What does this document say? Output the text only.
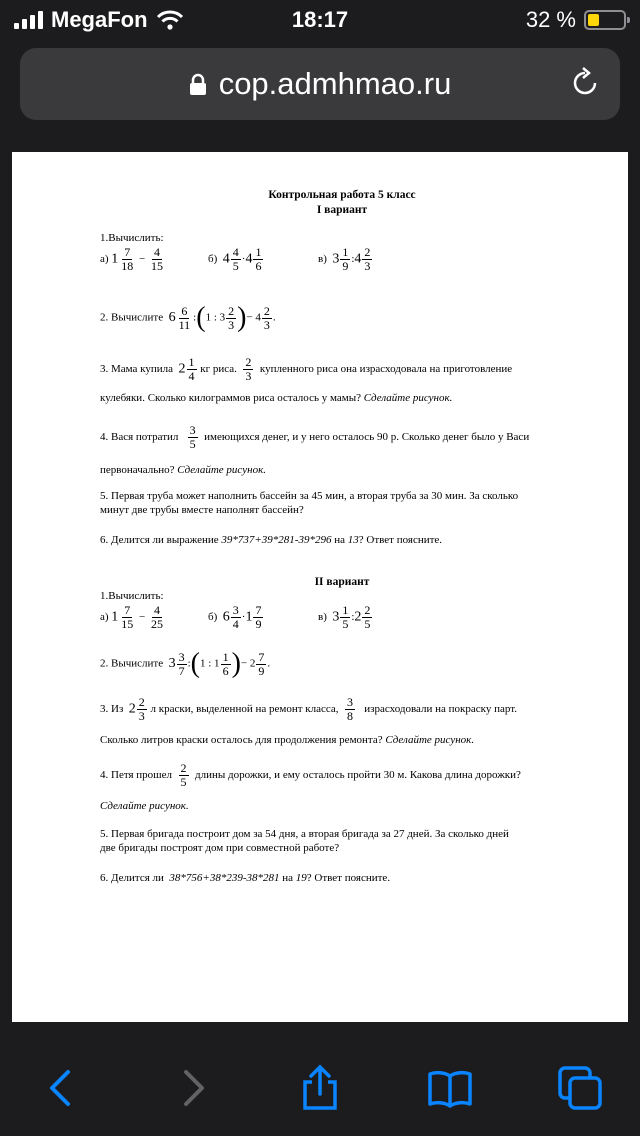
MegaFon	18:17	32 %
cop.admhmao.ru
Контрольная работа 5 класс
I вариант
1.Вычислить:
а) $1 \frac{7}{18} - \frac{4}{15}$	б) $4 \frac{4}{5} \cdot 4 \frac{1}{6}$	в) $3 \frac{1}{9}$ :4 $\frac{2}{3}$
2. Вычислите $6 \frac{6}{11}$ :(1 : $3 \frac{2}{3}$ )− $4 \frac{2}{3}$ .
3. Мама купила $2 \frac{1}{4}$ кг риса. $\frac{2}{3}$ купленного риса она израсходовала на приготовление
кулебяки. Сколько килограммов риса осталось у мамы? Сделайте рисунок.
4. Вася потратил $\frac{3}{5}$ имеющихся денег, и у него осталось 90 р. Сколько денег было у Васи
первоначально? Сделайте рисунок.
5. Первая труба может наполнить бассейн за 45 мин, а вторая труба за 30 мин. За сколько
минут две трубы вместе наполнят бассейн?
6. Делится ли выражение 39*737+39*281-39*296 на 13? Ответ поясните.
II вариант
1.Вычислить:
а) $1 \frac{7}{15} - \frac{4}{25}$	б) $6 \frac{3}{4} \cdot 1 \frac{7}{9}$	в) $3 \frac{1}{5}$ :2 $\frac{2}{5}$
2. Вычислите $3 \frac{3}{7}$ :(1 : $1 \frac{1}{6}$ )− $2 \frac{7}{9}$ .
3. Из $2 \frac{2}{3}$ л краски, выделенной на ремонт класса, $\frac{3}{8}$ израсходовали на покраску парт.
Сколько литров краски осталось для продолжения ремонта? Сделайте рисунок.
4. Петя прошел $\frac{2}{5}$ длины дорожки, и ему осталось пройти 30 м. Какова длина дорожки?
Сделайте рисунок.
5. Первая бригада построит дом за 54 дня, а вторая бригада за 27 дней. За сколько дней
две бригады построят дом при совместной работе?
6. Делится ли 38*756+38*239-38*281 на 19? Ответ поясните.
